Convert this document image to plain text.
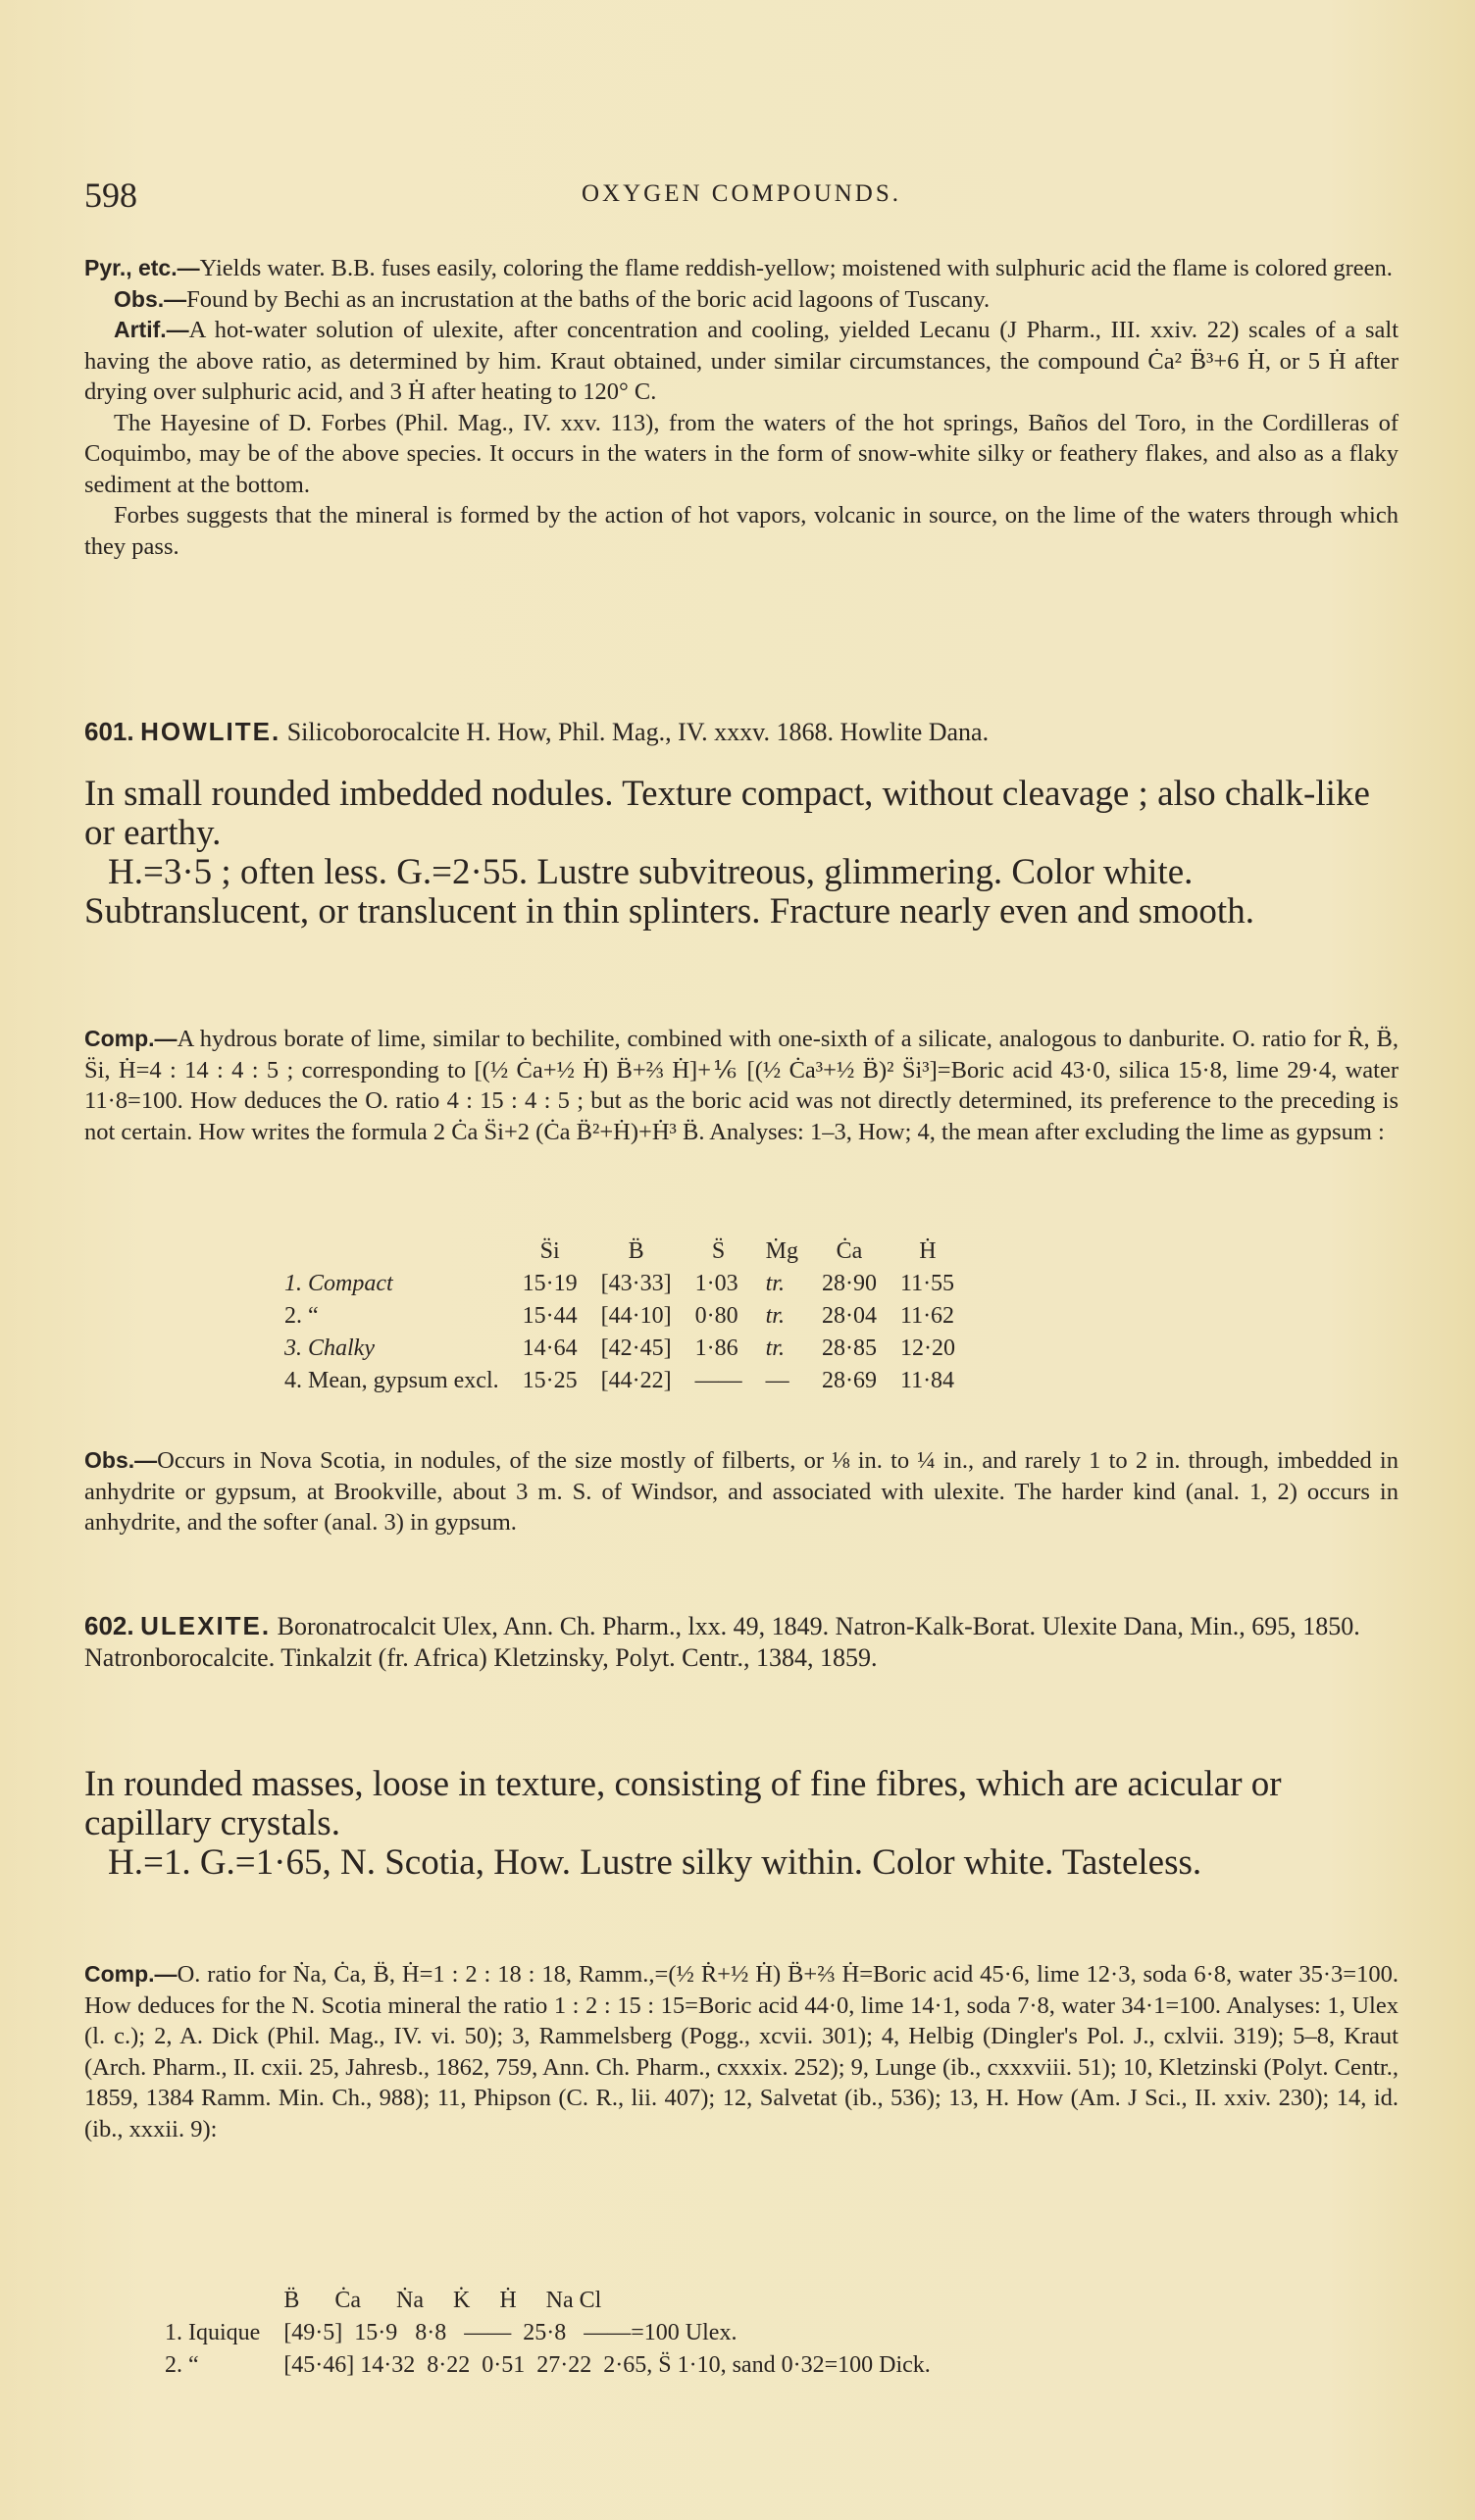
598	OXYGEN COMPOUNDS.

Pyr., etc.—Yields water. B.B. fuses easily, coloring the flame reddish-yellow; moistened with sulphuric acid the flame is colored green.

Obs.—Found by Bechi as an incrustation at the baths of the boric acid lagoons of Tuscany.

Artif.—A hot-water solution of ulexite, after concentration and cooling, yielded Lecanu (J Pharm., III. xxiv. 22) scales of a salt having the above ratio, as determined by him. Kraut obtained, under similar circumstances, the compound Ċa² B̈³+6 Ḣ, or 5 Ḣ after drying over sulphuric acid, and 3 Ḣ after heating to 120° C.

The Hayesine of D. Forbes (Phil. Mag., IV. xxv. 113), from the waters of the hot springs, Baños del Toro, in the Cordilleras of Coquimbo, may be of the above species. It occurs in the waters in the form of snow-white silky or feathery flakes, and also as a flaky sediment at the bottom.

Forbes suggests that the mineral is formed by the action of hot vapors, volcanic in source, on the lime of the waters through which they pass.

601. HOWLITE. Silicoborocalcite H. How, Phil. Mag., IV. xxxv. 1868. Howlite Dana.

In small rounded imbedded nodules. Texture compact, without cleavage ; also chalk-like or earthy.

H.=3·5 ; often less. G.=2·55. Lustre subvitreous, glimmering. Color white. Subtranslucent, or translucent in thin splinters. Fracture nearly even and smooth.

Comp.—A hydrous borate of lime, similar to bechilite, combined with one-sixth of a silicate, analogous to danburite. O. ratio for Ṙ, B̈, S̈i, Ḣ=4 : 14 : 4 : 5 ; corresponding to [(½ Ċa+½ Ḣ) B̈+⅔ Ḣ]+⅙ [(½ Ċa³+½ B̈)² S̈i³]=Boric acid 43·0, silica 15·8, lime 29·4, water 11·8=100. How deduces the O. ratio 4 : 15 : 4 : 5 ; but as the boric acid was not directly determined, its preference to the preceding is not certain. How writes the formula 2 Ċa S̈i+2 (Ċa B̈²+Ḣ)+Ḣ³ B̈. Analyses: 1–3, How; 4, the mean after excluding the lime as gypsum :

	S̈i	B̈	S̈	Ṁg	Ċa	Ḣ
1. Compact	15·19	[43·33]	1·03	tr.	28·90	11·55
2. “	15·44	[44·10]	0·80	tr.	28·04	11·62
3. Chalky	14·64	[42·45]	1·86	tr.	28·85	12·20
4. Mean, gypsum excl.	15·25	[44·22]	——	—	28·69	11·84

Obs.—Occurs in Nova Scotia, in nodules, of the size mostly of filberts, or ⅛ in. to ¼ in., and rarely 1 to 2 in. through, imbedded in anhydrite or gypsum, at Brookville, about 3 m. S. of Windsor, and associated with ulexite. The harder kind (anal. 1, 2) occurs in anhydrite, and the softer (anal. 3) in gypsum.

602. ULEXITE. Boronatrocalcit Ulex, Ann. Ch. Pharm., lxx. 49, 1849. Natron-Kalk-Borat. Ulexite Dana, Min., 695, 1850. Natronborocalcite. Tinkalzit (fr. Africa) Kletzinsky, Polyt. Centr., 1384, 1859.

In rounded masses, loose in texture, consisting of fine fibres, which are acicular or capillary crystals.

H.=1. G.=1·65, N. Scotia, How. Lustre silky within. Color white. Tasteless.

Comp.—O. ratio for Ṅa, Ċa, B̈, Ḣ=1 : 2 : 18 : 18, Ramm.,=(½ Ṙ+½ Ḣ) B̈+⅔ Ḣ=Boric acid 45·6, lime 12·3, soda 6·8, water 35·3=100. How deduces for the N. Scotia mineral the ratio 1 : 2 : 15 : 15=Boric acid 44·0, lime 14·1, soda 7·8, water 34·1=100. Analyses: 1, Ulex (l. c.); 2, A. Dick (Phil. Mag., IV. vi. 50); 3, Rammelsberg (Pogg., xcvii. 301); 4, Helbig (Dingler's Pol. J., cxlvii. 319); 5–8, Kraut (Arch. Pharm., II. cxii. 25, Jahresb., 1862, 759, Ann. Ch. Pharm., cxxxix. 252); 9, Lunge (ib., cxxxviii. 51); 10, Kletzinski (Polyt. Centr., 1859, 1384 Ramm. Min. Ch., 988); 11, Phipson (C. R., lii. 407); 12, Salvetat (ib., 536); 13, H. How (Am. J Sci., II. xxiv. 230); 14, id. (ib., xxxii. 9):

	B̈ Ċa Ṅa K̇ Ḣ Na Cl
1. Iquique	[49·5]  15·9   8·8   ——  25·8   ——=100 Ulex.
2. “	[45·46] 14·32  8·22  0·51  27·22  2·65, S̈ 1·10, sand 0·32=100 Dick.
